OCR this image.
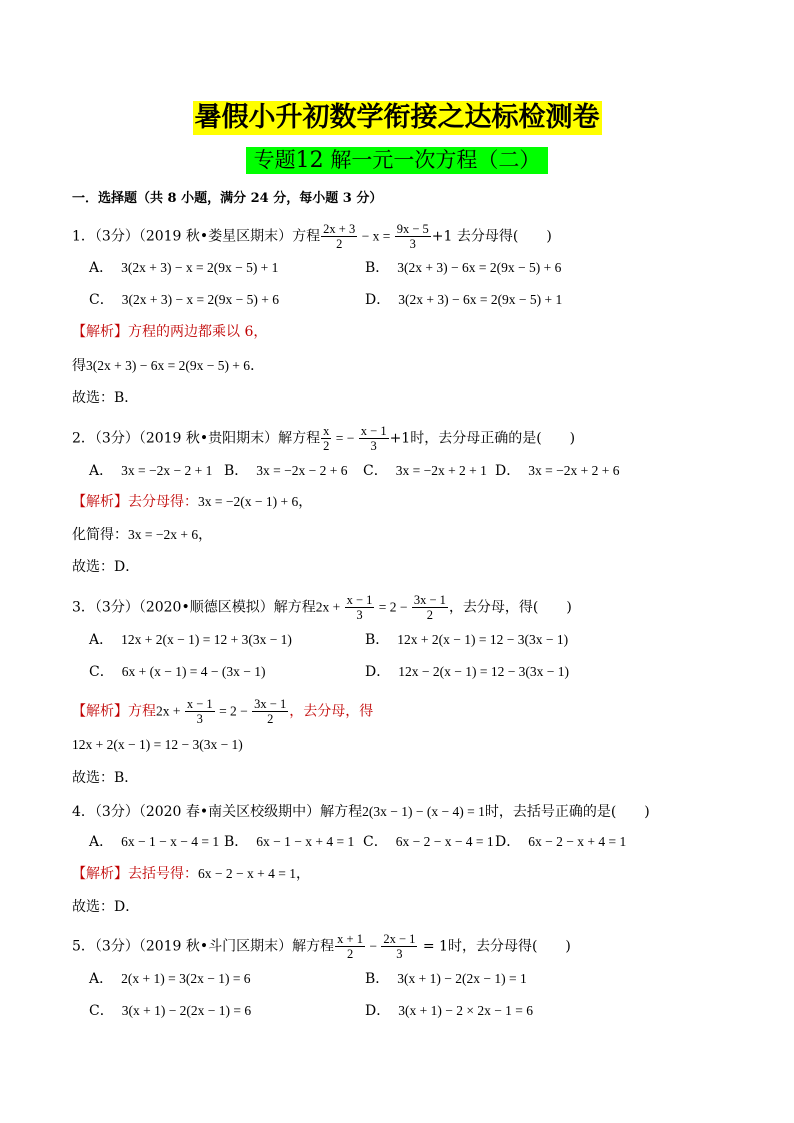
暑假小升初数学衔接之达标检测卷
专题12 解一元一次方程（二）
一．选择题（共 8 小题，满分 24 分，每小题 3 分）
1．（3分）（2019 秋•娄星区期末）方程 $\frac{2x + 3}{2} - x = \frac{9x - 5}{3} +1$ 去分母得(　　)
A． 3(2x + 3) − x = 2(9x − 5) + 1	B． 3(2x + 3) − 6x = 2(9x − 5) + 6
C． 3(2x + 3) − x = 2(9x − 5) + 6	D． 3(2x + 3) − 6x = 2(9x − 5) + 1
【解析】方程的两边都乘以 6，
得3(2x + 3) − 6x = 2(9x − 5) + 6．
故选：B．
2．（3分）（2019 秋•贵阳期末）解方程 $\frac{x}{2}$ = − $\frac{x - 1}{3} +1$时，去分母正确的是(　　)
A． 3x = −2x − 2 + 1 B． 3x = −2x − 2 + 6 C． 3x = −2x + 2 + 1 D． 3x = −2x + 2 + 6
【解析】去分母得：3x = −2(x − 1) + 6，
化简得：3x = −2x + 6，
故选：D．
3．（3分）（2020•顺德区模拟）解方程$2x + \frac{x - 1}{3} = 2 - \frac{3x - 1}{2}$ ，去分母，得(　　)
A． 12x + 2(x − 1) = 12 + 3(3x − 1)	B． 12x + 2(x − 1) = 12 − 3(3x − 1)
C． 6x + (x − 1) = 4 − (3x − 1)	D． 12x − 2(x − 1) = 12 − 3(3x − 1)
【解析】方程$2x + \frac{x - 1}{3} = 2 - \frac{3x - 1}{2}$ ，去分母，得
12x + 2(x − 1) = 12 − 3(3x − 1)
故选：B．
4．（3分）（2020 春•南关区校级期中）解方程2(3x − 1) − (x − 4) = 1时，去括号正确的是(　　)
A． 6x − 1 − x − 4 = 1 B． 6x − 1 − x + 4 = 1 C． 6x − 2 − x − 4 = 1 D． 6x − 2 − x + 4 = 1
【解析】去括号得：6x − 2 − x + 4 = 1，
故选：D．
5．（3分）（2019 秋•斗门区期末）解方程 $\frac{x + 1}{2} - \frac{2x - 1}{3} = 1$时，去分母得(　　)
A． 2(x + 1) = 3(2x − 1) = 6	B． 3(x + 1) − 2(2x − 1) = 1
C． 3(x + 1) − 2(2x − 1) = 6	D． 3(x + 1) − 2 × 2x − 1 = 6
